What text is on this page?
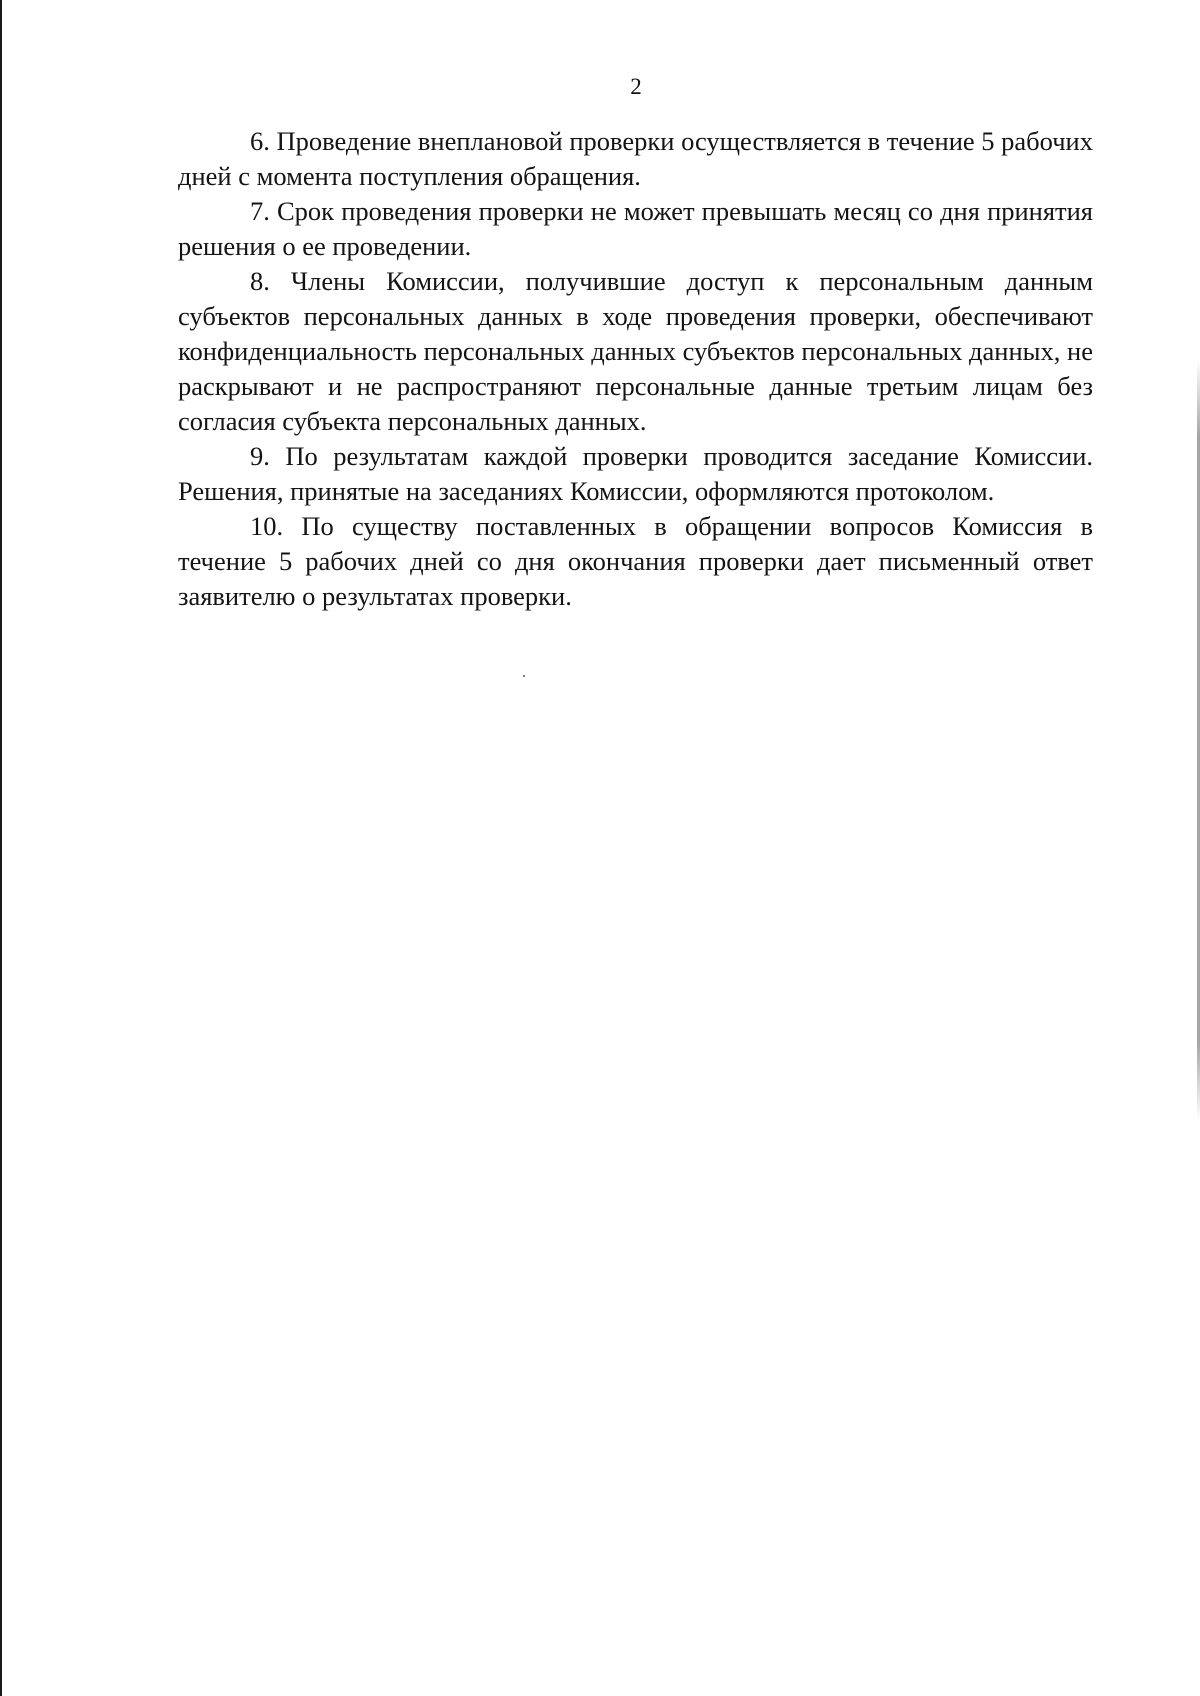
2

6. Проведение внеплановой проверки осуществляется в течение 5 рабочих дней с момента поступления обращения.

7. Срок проведения проверки не может превышать месяц со дня принятия решения о ее проведении.

8. Члены Комиссии, получившие доступ к персональным данным субъектов персональных данных в ходе проведения проверки, обеспечивают конфиденциальность персональных данных субъектов персональных данных, не раскрывают и не распространяют персональные данные третьим лицам без согласия субъекта персональных данных.

9. По результатам каждой проверки проводится заседание Комиссии. Решения, принятые на заседаниях Комиссии, оформляются протоколом.

10. По существу поставленных в обращении вопросов Комиссия в течение 5 рабочих дней со дня окончания проверки дает письменный ответ заявителю о результатах проверки.
